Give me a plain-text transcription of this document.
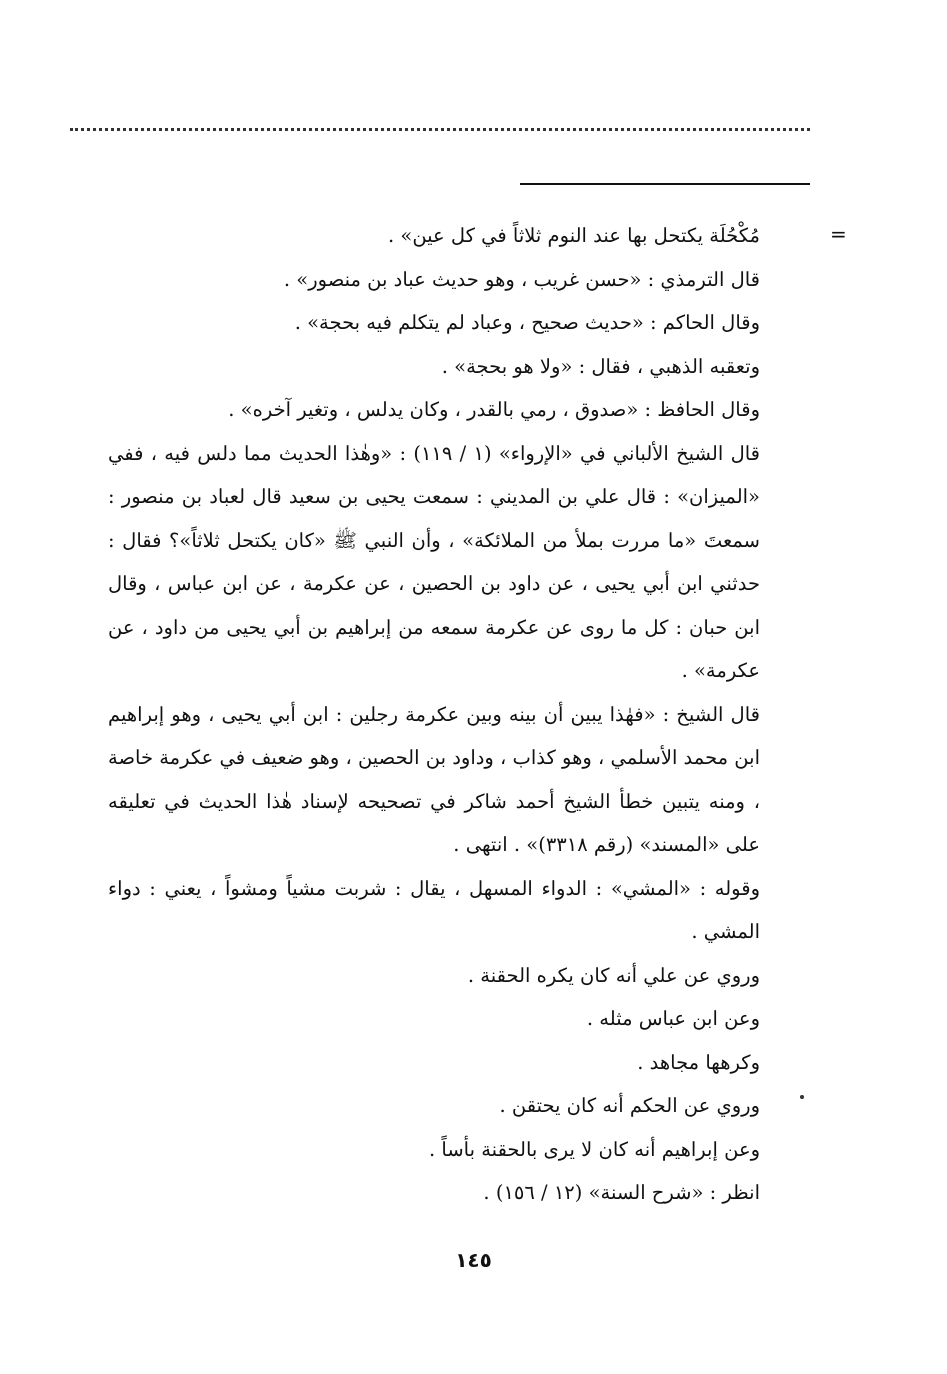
=

مُكْحُلَة يكتحل بها عند النوم ثلاثاً في كل عين» .

قال الترمذي : «حسن غريب ، وهو حديث عباد بن منصور» .

وقال الحاكم : «حديث صحيح ، وعباد لم يتكلم فيه بحجة» .

وتعقبه الذهبي ، فقال : «ولا هو بحجة» .

وقال الحافظ : «صدوق ، رمي بالقدر ، وكان يدلس ، وتغير آخره» .

قال الشيخ الألباني في «الإرواء» (١ / ١١٩) : «وهٰذا الحديث مما دلس فيه ، ففي «الميزان» : قال علي بن المديني : سمعت يحيى بن سعيد قال لعباد بن منصور : سمعتَ «ما مررت بملأ من الملائكة» ، وأن النبي ﷺ «كان يكتحل ثلاثاً»؟ فقال : حدثني ابن أبي يحيى ، عن داود بن الحصين ، عن عكرمة ، عن ابن عباس ، وقال ابن حبان : كل ما روى عن عكرمة سمعه من إبراهيم بن أبي يحيى من داود ، عن عكرمة» .

قال الشيخ : «فهٰذا يبين أن بينه وبين عكرمة رجلين : ابن أبي يحيى ، وهو إبراهيم ابن محمد الأسلمي ، وهو كذاب ، وداود بن الحصين ، وهو ضعيف في عكرمة خاصة ، ومنه يتبين خطأ الشيخ أحمد شاكر في تصحيحه لإسناد هٰذا الحديث في تعليقه على «المسند» (رقم ٣٣١٨)» . انتهى .

وقوله : «المشي» : الدواء المسهل ، يقال : شربت مشياً ومشواً ، يعني : دواء المشي .

وروي عن علي أنه كان يكره الحقنة .

وعن ابن عباس مثله .

وكرهها مجاهد .

وروي عن الحكم أنه كان يحتقن .

وعن إبراهيم أنه كان لا يرى بالحقنة بأساً .

انظر : «شرح السنة» (١٢ / ١٥٦) .

١٤٥
